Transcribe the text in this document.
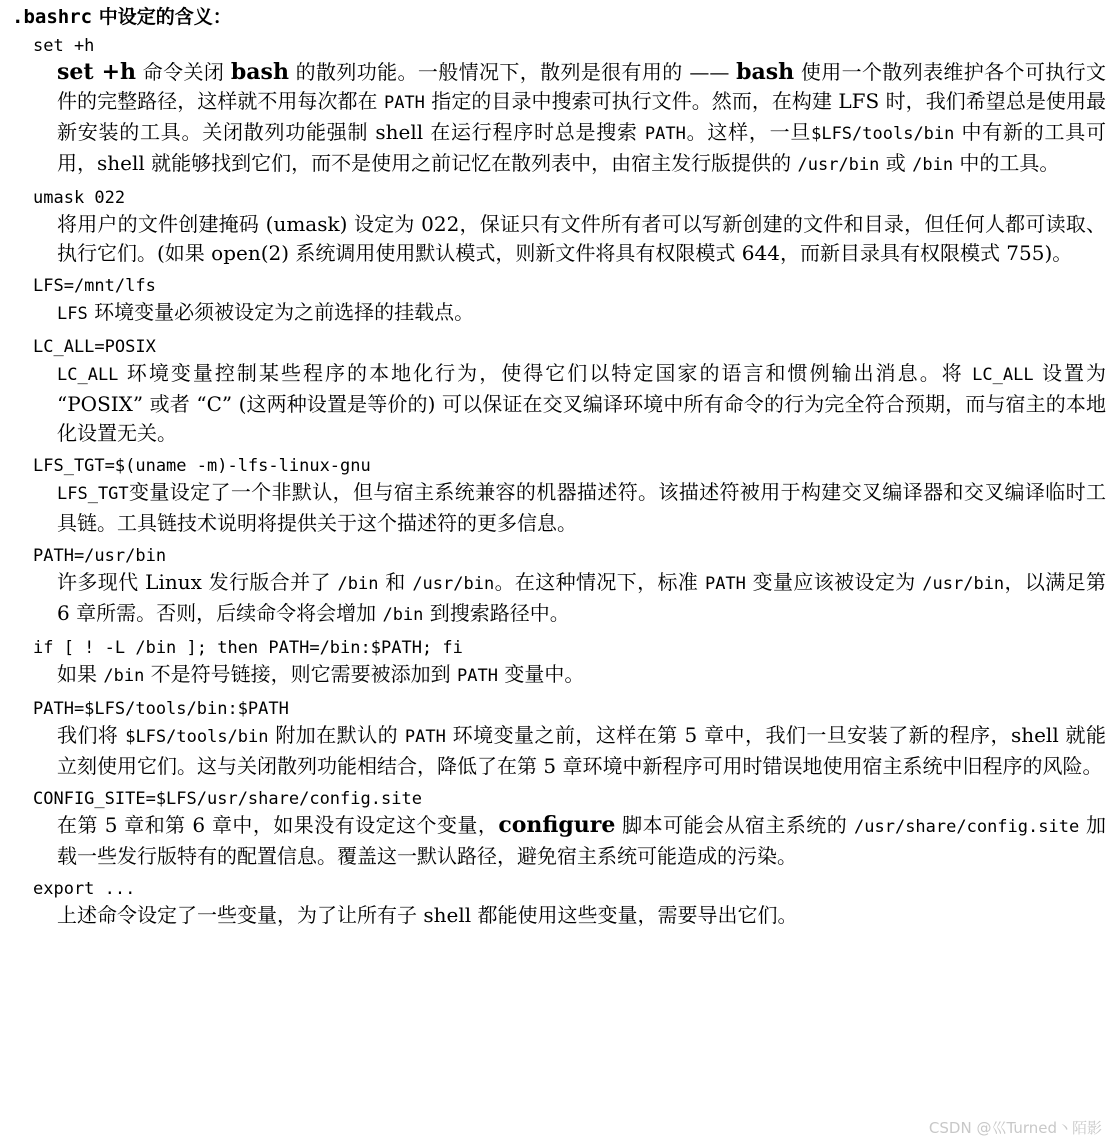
.bashrc 中设定的含义：
set +h
set +h 命令关闭 bash 的散列功能。一般情况下，散列是很有用的 —— bash 使用一个散列表维护各个可执行文件的完整路径，这样就不用每次都在 PATH 指定的目录中搜索可执行文件。然而，在构建 LFS 时，我们希望总是使用最新安装的工具。关闭散列功能强制 shell 在运行程序时总是搜索 PATH。这样，一旦$LFS/tools/bin 中有新的工具可用，shell 就能够找到它们，而不是使用之前记忆在散列表中，由宿主发行版提供的 /usr/bin 或 /bin 中的工具。
umask 022
将用户的文件创建掩码 (umask) 设定为 022，保证只有文件所有者可以写新创建的文件和目录，但任何人都可读取、执行它们。(如果 open(2) 系统调用使用默认模式，则新文件将具有权限模式 644，而新目录具有权限模式 755)。
LFS=/mnt/lfs
LFS 环境变量必须被设定为之前选择的挂载点。
LC_ALL=POSIX
LC_ALL 环境变量控制某些程序的本地化行为，使得它们以特定国家的语言和惯例输出消息。将 LC_ALL 设置为 “POSIX” 或者 “C” (这两种设置是等价的) 可以保证在交叉编译环境中所有命令的行为完全符合预期，而与宿主的本地化设置无关。
LFS_TGT=$(uname -m)-lfs-linux-gnu
LFS_TGT变量设定了一个非默认，但与宿主系统兼容的机器描述符。该描述符被用于构建交叉编译器和交叉编译临时工具链。工具链技术说明将提供关于这个描述符的更多信息。
PATH=/usr/bin
许多现代 Linux 发行版合并了 /bin 和 /usr/bin。在这种情况下，标准 PATH 变量应该被设定为 /usr/bin，以满足第 6 章所需。否则，后续命令将会增加 /bin 到搜索路径中。
if [ ! -L /bin ]; then PATH=/bin:$PATH; fi
如果 /bin 不是符号链接，则它需要被添加到 PATH 变量中。
PATH=$LFS/tools/bin:$PATH
我们将 $LFS/tools/bin 附加在默认的 PATH 环境变量之前，这样在第 5 章中，我们一旦安装了新的程序，shell 就能立刻使用它们。这与关闭散列功能相结合，降低了在第 5 章环境中新程序可用时错误地使用宿主系统中旧程序的风险。
CONFIG_SITE=$LFS/usr/share/config.site
在第 5 章和第 6 章中，如果没有设定这个变量，configure 脚本可能会从宿主系统的 /usr/share/config.site 加载一些发行版特有的配置信息。覆盖这一默认路径，避免宿主系统可能造成的污染。
export ...
上述命令设定了一些变量，为了让所有子 shell 都能使用这些变量，需要导出它们。
CSDN @巛Turned丶陌影
